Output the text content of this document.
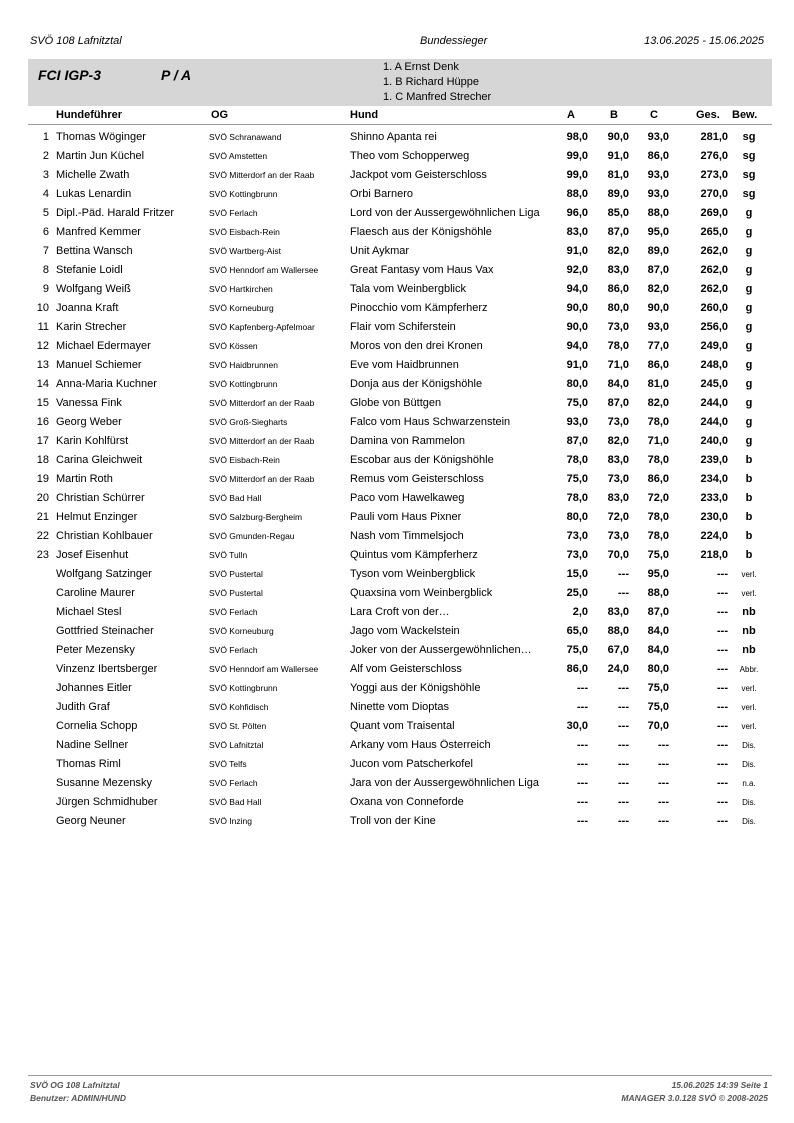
SVÖ 108 Lafnitztal	Bundessieger	13.06.2025 - 15.06.2025
FCI IGP-3	P / A	1. A Ernst Denk
1. B Richard Hüppe
1. C Manfred Strecher
Hundeführer	OG	Hund	A	B	C	Ges. Bew.
1 Thomas Wöginger	SVÖ Schranawand	Shinno Apanta rei	98,0	90,0	93,0	281,0	sg
2 Martin Jun Küchel	SVÖ Amstetten	Theo vom Schopperweg	99,0	91,0	86,0	276,0	sg
3 Michelle Zwath	SVÖ Mitterdorf an der Raab	Jackpot vom Geisterschloss	99,0	81,0	93,0	273,0	sg
4 Lukas Lenardin	SVÖ Kottingbrunn	Orbi Barnero	88,0	89,0	93,0	270,0	sg
5 Dipl.-Päd. Harald Fritzer	SVÖ Ferlach	Lord von der Aussergewöhnlichen Liga	96,0	85,0	88,0	269,0	g
6 Manfred Kemmer	SVÖ Eisbach-Rein	Flaesch aus der Königshöhle	83,0	87,0	95,0	265,0	g
7 Bettina Wansch	SVÖ Wartberg-Aist	Unit Aykmar	91,0	82,0	89,0	262,0	g
8 Stefanie Loidl	SVÖ Henndorf am Wallersee	Great Fantasy vom Haus Vax	92,0	83,0	87,0	262,0	g
9 Wolfgang Weiß	SVÖ Hartkirchen	Tala vom Weinbergblick	94,0	86,0	82,0	262,0	g
10 Joanna Kraft	SVÖ Korneuburg	Pinocchio vom Kämpferherz	90,0	80,0	90,0	260,0	g
11 Karin Strecher	SVÖ Kapfenberg-Apfelmoar	Flair vom Schiferstein	90,0	73,0	93,0	256,0	g
12 Michael Edermayer	SVÖ Kössen	Moros von den drei Kronen	94,0	78,0	77,0	249,0	g
13 Manuel Schiemer	SVÖ Haidbrunnen	Eve vom Haidbrunnen	91,0	71,0	86,0	248,0	g
14 Anna-Maria Kuchner	SVÖ Kottingbrunn	Donja aus der Königshöhle	80,0	84,0	81,0	245,0	g
15 Vanessa Fink	SVÖ Mitterdorf an der Raab	Globe von Büttgen	75,0	87,0	82,0	244,0	g
16 Georg Weber	SVÖ Groß-Siegharts	Falco vom Haus Schwarzenstein	93,0	73,0	78,0	244,0	g
17 Karin Kohlfürst	SVÖ Mitterdorf an der Raab	Damina von Rammelon	87,0	82,0	71,0	240,0	g
18 Carina Gleichweit	SVÖ Eisbach-Rein	Escobar aus der Königshöhle	78,0	83,0	78,0	239,0	b
19 Martin Roth	SVÖ Mitterdorf an der Raab	Remus vom Geisterschloss	75,0	73,0	86,0	234,0	b
20 Christian Schürrer	SVÖ Bad Hall	Paco vom Hawelkaweg	78,0	83,0	72,0	233,0	b
21 Helmut Enzinger	SVÖ Salzburg-Bergheim	Pauli vom Haus Pixner	80,0	72,0	78,0	230,0	b
22 Christian Kohlbauer	SVÖ Gmunden-Regau	Nash vom Timmelsjoch	73,0	73,0	78,0	224,0	b
23 Josef Eisenhut	SVÖ Tulln	Quintus vom Kämpferherz	73,0	70,0	75,0	218,0	b
Wolfgang Satzinger	SVÖ Pustertal	Tyson vom Weinbergblick	15,0	---	95,0	---	verl.
Caroline Maurer	SVÖ Pustertal	Quaxsina vom Weinbergblick	25,0	---	88,0	---	verl.
Michael Stesl	SVÖ Ferlach	Lara Croft von der…	2,0	83,0	87,0	---	nb
Gottfried Steinacher	SVÖ Korneuburg	Jago vom Wackelstein	65,0	88,0	84,0	---	nb
Peter Mezensky	SVÖ Ferlach	Joker von der Aussergewöhnlichen…	75,0	67,0	84,0	---	nb
Vinzenz Ibertsberger	SVÖ Henndorf am Wallersee	Alf vom Geisterschloss	86,0	24,0	80,0	---	Abbr.
Johannes Eitler	SVÖ Kottingbrunn	Yoggi aus der Königshöhle	---	---	75,0	---	verl.
Judith Graf	SVÖ Kohfidisch	Ninette vom Dioptas	---	---	75,0	---	verl.
Cornelia Schopp	SVÖ St. Pölten	Quant vom Traisental	30,0	---	70,0	---	verl.
Nadine Sellner	SVÖ Lafnitztal	Arkany vom Haus Österreich	---	---	---	---	Dis.
Thomas Riml	SVÖ Telfs	Jucon vom Patscherkofel	---	---	---	---	Dis.
Susanne Mezensky	SVÖ Ferlach	Jara von der Aussergewöhnlichen Liga	---	---	---	---	n.a.
Jürgen Schmidhuber	SVÖ Bad Hall	Oxana von Conneforde	---	---	---	---	Dis.
Georg Neuner	SVÖ Inzing	Troll von der Kine	---	---	---	---	Dis.
SVÖ OG 108 Lafnitztal
Benutzer: ADMIN/HUND
15.06.2025 14:39 Seite 1
MANAGER 3.0.128 SVÖ © 2008-2025
